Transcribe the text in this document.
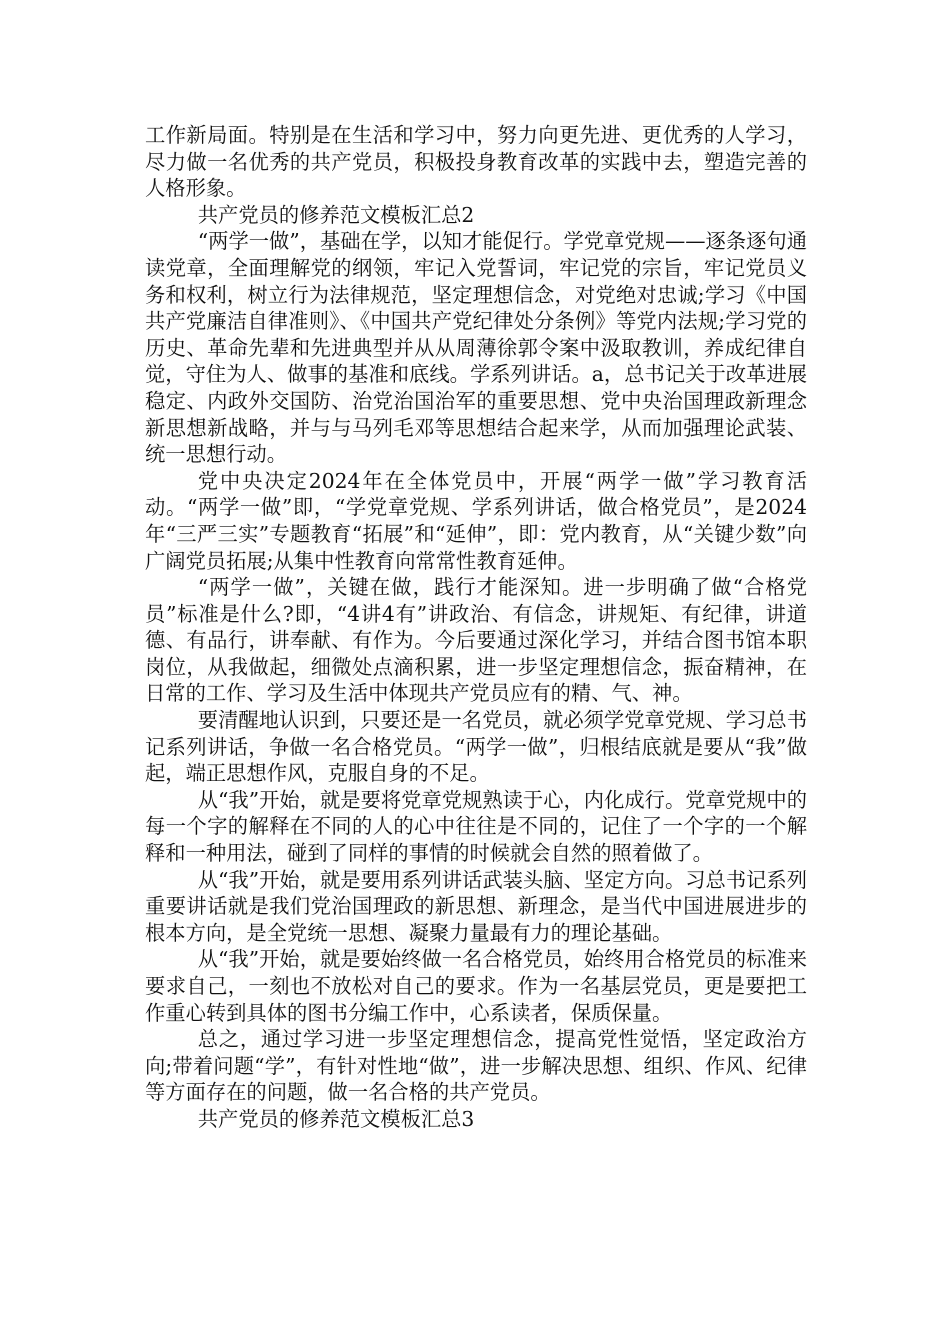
工作新局面。特别是在生活和学习中，努力向更先进、更优秀的人学习，尽力做一名优秀的共产党员，积极投身教育改革的实践中去，塑造完善的人格形象。

共产党员的修养范文模板汇总2

“两学一做”，基础在学，以知才能促行。学党章党规——逐条逐句通读党章，全面理解党的纲领，牢记入党誓词，牢记党的宗旨，牢记党员义务和权利，树立行为法律规范，坚定理想信念，对党绝对忠诚;学习《中国共产党廉洁自律准则》、《中国共产党纪律处分条例》等党内法规;学习党的历史、革命先辈和先进典型并从从周薄徐郭令案中汲取教训，养成纪律自觉，守住为人、做事的基准和底线。学系列讲话。a，总书记关于改革进展稳定、内政外交国防、治党治国治军的重要思想、党中央治国理政新理念新思想新战略，并与与马列毛邓等思想结合起来学，从而加强理论武装、统一思想行动。

党中央决定2024年在全体党员中，开展“两学一做”学习教育活动。“两学一做”即，“学党章党规、学系列讲话，做合格党员”，是2024年“三严三实”专题教育“拓展”和“延伸”，即：党内教育，从“关键少数”向广阔党员拓展;从集中性教育向常常性教育延伸。

“两学一做”，关键在做，践行才能深知。进一步明确了做“合格党员”标准是什么?即，“4讲4有”讲政治、有信念，讲规矩、有纪律，讲道德、有品行，讲奉献、有作为。今后要通过深化学习，并结合图书馆本职岗位，从我做起，细微处点滴积累，进一步坚定理想信念，振奋精神，在日常的工作、学习及生活中体现共产党员应有的精、气、神。

要清醒地认识到，只要还是一名党员，就必须学党章党规、学习总书记系列讲话，争做一名合格党员。“两学一做”，归根结底就是要从“我”做起，端正思想作风，克服自身的不足。

从“我”开始，就是要将党章党规熟读于心，内化成行。党章党规中的每一个字的解释在不同的人的心中往往是不同的，记住了一个字的一个解释和一种用法，碰到了同样的事情的时候就会自然的照着做了。

从“我”开始，就是要用系列讲话武装头脑、坚定方向。习总书记系列重要讲话就是我们党治国理政的新思想、新理念，是当代中国进展进步的根本方向，是全党统一思想、凝聚力量最有力的理论基础。

从“我”开始，就是要始终做一名合格党员，始终用合格党员的标准来要求自己，一刻也不放松对自己的要求。作为一名基层党员，更是要把工作重心转到具体的图书分编工作中，心系读者，保质保量。

总之，通过学习进一步坚定理想信念，提高党性觉悟，坚定政治方向;带着问题“学”，有针对性地“做”，进一步解决思想、组织、作风、纪律等方面存在的问题，做一名合格的共产党员。

共产党员的修养范文模板汇总3
